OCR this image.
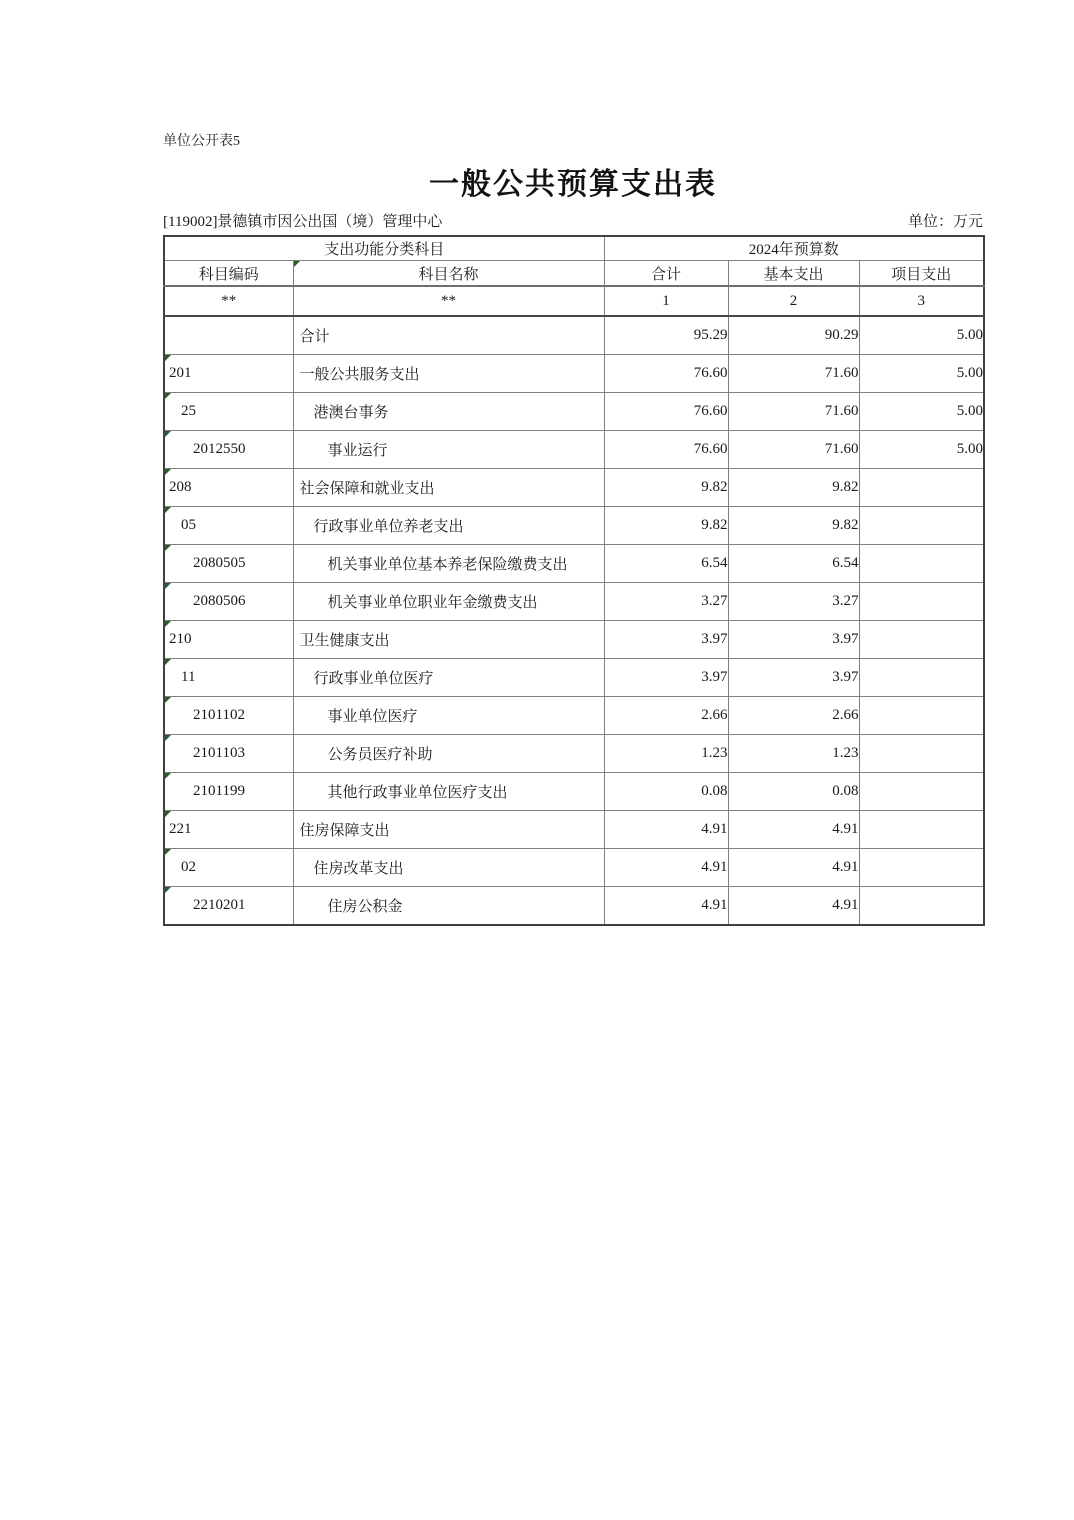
单位公开表5
一般公共预算支出表
[119002]景德镇市因公出国（境）管理中心	单位：万元
支出功能分类科目		2024年预算数		
科目编码	科目名称	合计	基本支出	项目支出
**	**	1	2	3
	合计	95.29	90.29	5.00
201	一般公共服务支出	76.60	71.60	5.00
25	港澳台事务	76.60	71.60	5.00
2012550	事业运行	76.60	71.60	5.00
208	社会保障和就业支出	9.82	9.82	
05	行政事业单位养老支出	9.82	9.82	
2080505	机关事业单位基本养老保险缴费支出	6.54	6.54	
2080506	机关事业单位职业年金缴费支出	3.27	3.27	
210	卫生健康支出	3.97	3.97	
11	行政事业单位医疗	3.97	3.97	
2101102	事业单位医疗	2.66	2.66	
2101103	公务员医疗补助	1.23	1.23	
2101199	其他行政事业单位医疗支出	0.08	0.08	
221	住房保障支出	4.91	4.91	
02	住房改革支出	4.91	4.91	
2210201	住房公积金	4.91	4.91	
